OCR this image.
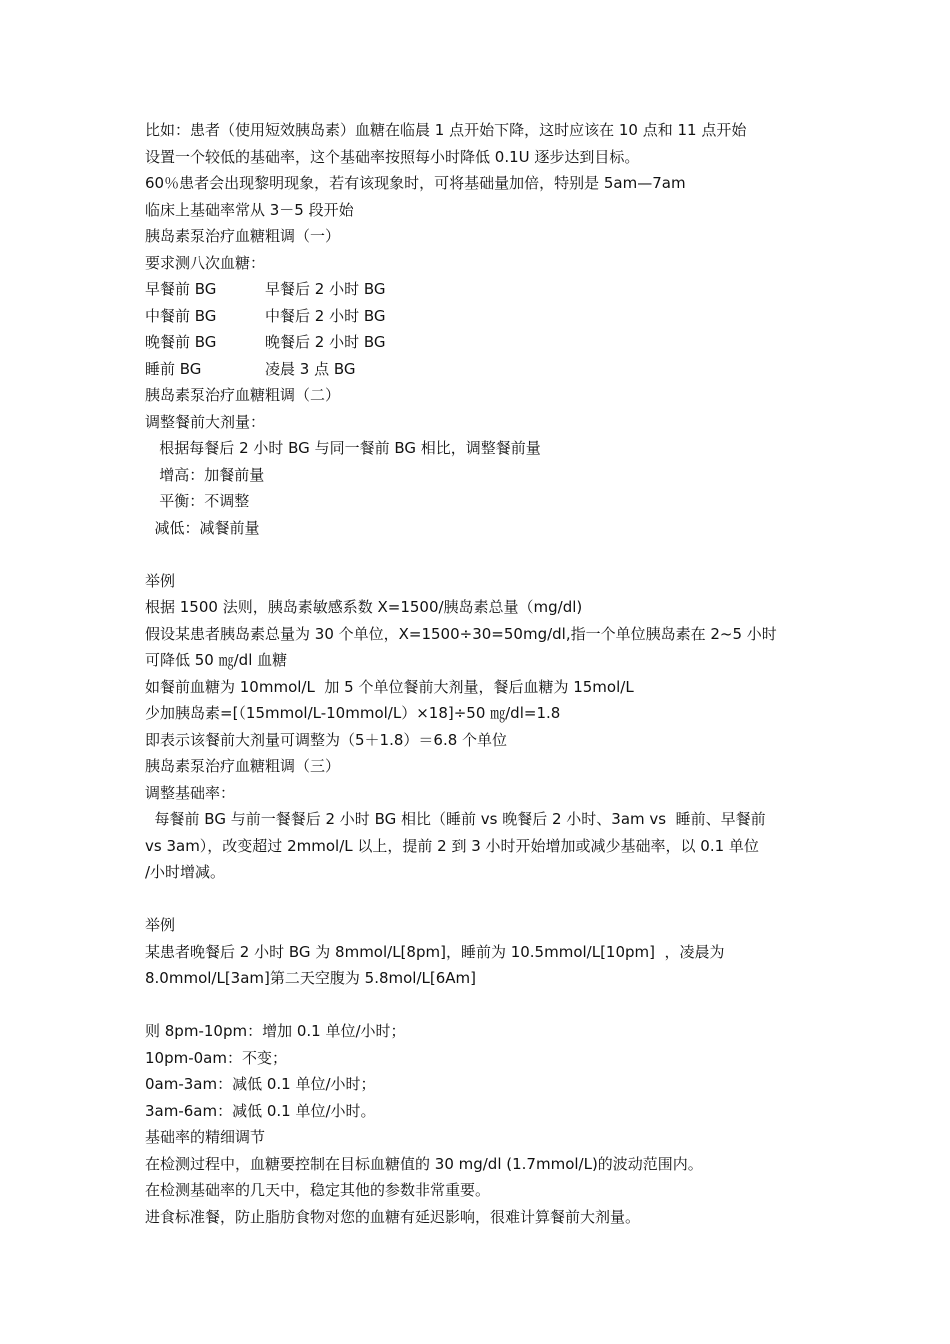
比如：患者（使用短效胰岛素）血糖在临晨 1 点开始下降，这时应该在 10 点和 11 点开始
设置一个较低的基础率，这个基础率按照每小时降低 0.1U 逐步达到目标。
60％患者会出现黎明现象，若有该现象时，可将基础量加倍，特别是 5am—7am
临床上基础率常从 3－5 段开始
胰岛素泵治疗血糖粗调（一）
要求测八次血糖：
早餐前 BG	早餐后 2 小时 BG
中餐前 BG	中餐后 2 小时 BG
晚餐前 BG	晚餐后 2 小时 BG
睡前 BG	凌晨 3 点 BG
胰岛素泵治疗血糖粗调（二）
调整餐前大剂量：
根据每餐后 2 小时 BG 与同一餐前 BG 相比，调整餐前量
增高：加餐前量
平衡：不调整
减低：减餐前量
举例
根据 1500 法则，胰岛素敏感系数 X=1500/胰岛素总量（mg/dl)
假设某患者胰岛素总量为 30 个单位，X=1500÷30=50mg/dl,指一个单位胰岛素在 2~5 小时
可降低 50 ㎎/dl 血糖
如餐前血糖为 10mmol/L  加 5 个单位餐前大剂量，餐后血糖为 15mol/L
少加胰岛素=[（15mmol/L-10mmol/L）×18]÷50 ㎎/dl=1.8
即表示该餐前大剂量可调整为（5＋1.8）＝6.8 个单位
胰岛素泵治疗血糖粗调（三）
调整基础率：
每餐前 BG 与前一餐餐后 2 小时 BG 相比（睡前 vs 晚餐后 2 小时、3am vs  睡前、早餐前
vs 3am），改变超过 2mmol/L 以上，提前 2 到 3 小时开始增加或减少基础率，以 0.1 单位
/小时增减。
举例
某患者晚餐后 2 小时 BG 为 8mmol/L[8pm]，睡前为 10.5mmol/L[10pm]  ，凌晨为
8.0mmol/L[3am]第二天空腹为 5.8mol/L[6Am]
则 8pm-10pm：增加 0.1 单位/小时；
10pm-0am：不变；
0am-3am：减低 0.1 单位/小时；
3am-6am：减低 0.1 单位/小时。
基础率的精细调节
在检测过程中，血糖要控制在目标血糖值的 30 mg/dl (1.7mmol/L)的波动范围内。
在检测基础率的几天中，稳定其他的参数非常重要。
进食标准餐，防止脂肪食物对您的血糖有延迟影响，很难计算餐前大剂量。
